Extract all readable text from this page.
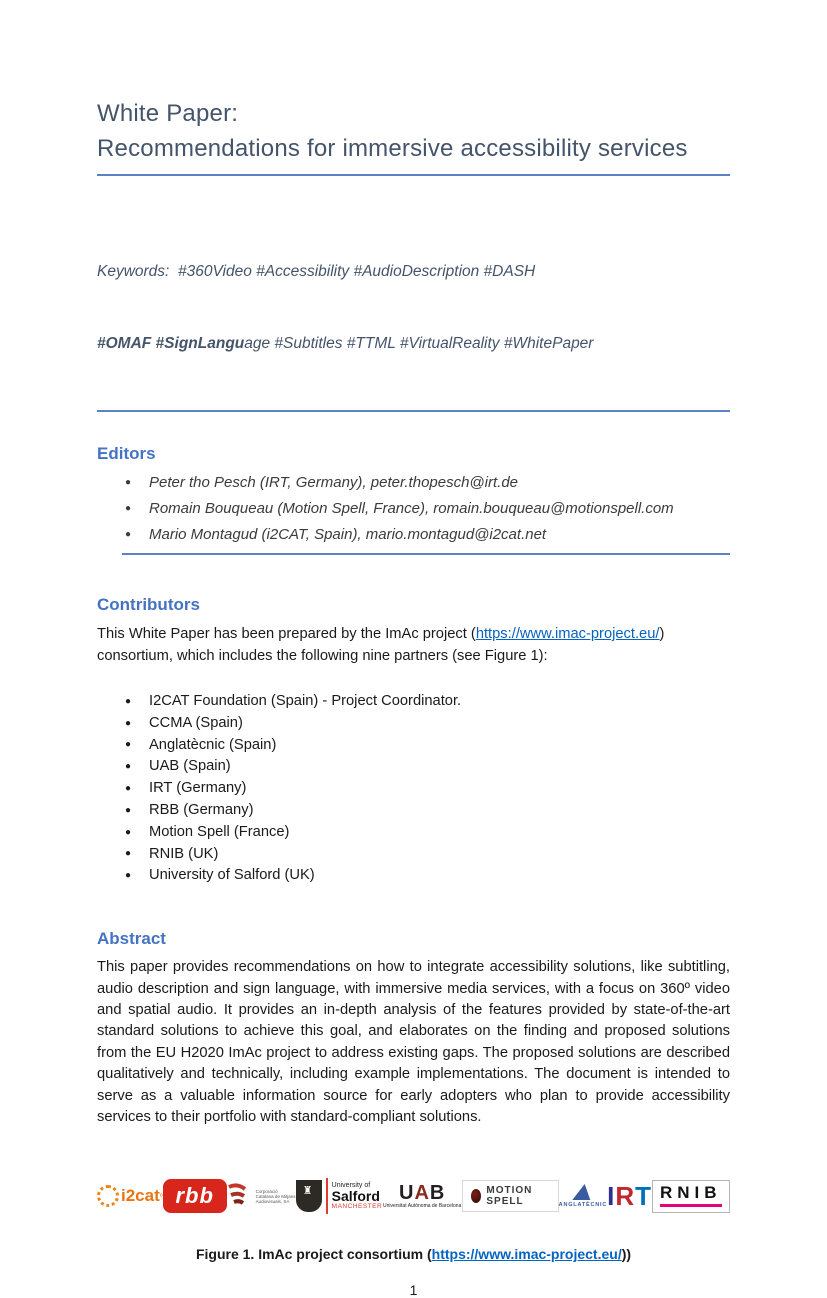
White Paper:
Recommendations for immersive accessibility services

Keywords:  #360Video #Accessibility #AudioDescription #DASH

#OMAF #SignLanguage #Subtitles #TTML #VirtualReality #WhitePaper

Editors
● Peter tho Pesch (IRT, Germany), peter.thopesch@irt.de
● Romain Bouqueau (Motion Spell, France), romain.bouqueau@motionspell.com
● Mario Montagud (i2CAT, Spain), mario.montagud@i2cat.net
Contributors

This White Paper has been prepared by the ImAc project (https://www.imac-project.eu/)
consortium, which includes the following nine partners (see Figure 1):

● I2CAT Foundation (Spain) - Project Coordinator.
● CCMA (Spain)
● Anglatècnic (Spain)
● UAB (Spain)
● IRT (Germany)
● RBB (Germany)
● Motion Spell (France)
● RNIB (UK)
● University of Salford (UK)
Abstract

This paper provides recommendations on how to integrate accessibility solutions, like subtitling, audio description and sign language, with immersive media services, with a focus on 360º video and spatial audio. It provides an in-depth analysis of the features provided by state-of-the-art standard solutions to achieve this goal, and elaborates on the finding and proposed solutions from the EU H2020 ImAc project to address existing gaps. The proposed solutions are described qualitatively and technically, including example implementations. The document is intended to serve as a valuable information source for early adopters who plan to provide accessibility services to their portfolio with standard-compliant solutions.

i2cat º rbb	Corporació Catalana de Mitjans Audiovisuals, SA
♜
University of
Salford
MANCHESTER
UAB
Universitat Autònoma de Barcelona
MOTION SPELL	ANGLATÈCNIC IRT RNIB

Figure 1. ImAc project consortium (https://www.imac-project.eu/))

1
